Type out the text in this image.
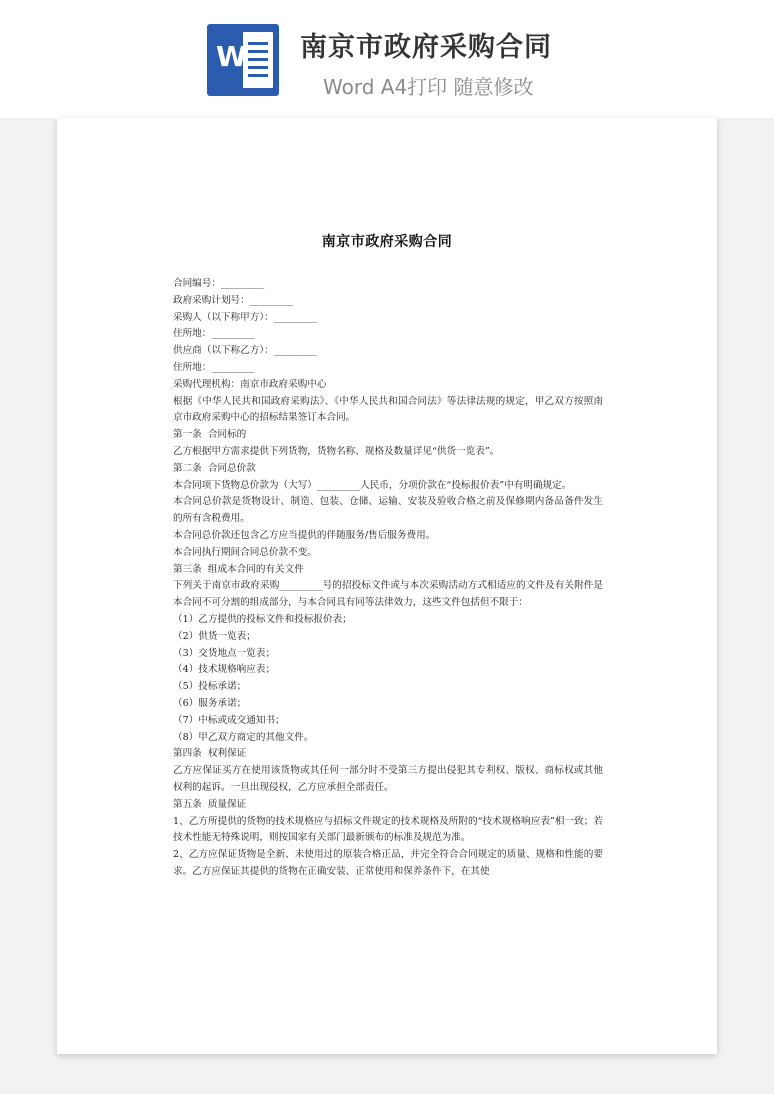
W 南京市政府采购合同
Word A4打印 随意修改
南京市政府采购合同

合同编号：_________

政府采购计划号：_________

采购人（以下称甲方）：_________

住所地：_________

供应商（以下称乙方）：_________

住所地：_________

采购代理机构：南京市政府采购中心

根据《中华人民共和国政府采购法》、《中华人民共和国合同法》等法律法规的规定，甲乙双方按照南京市政府采购中心的招标结果签订本合同。

第一条  合同标的

乙方根据甲方需求提供下列货物，货物名称、规格及数量详见“供货一览表”。

第二条  合同总价款

本合同项下货物总价款为（大写）_________人民币，分项价款在“投标报价表”中有明确规定。

本合同总价款是货物设计、制造、包装、仓储、运输、安装及验收合格之前及保修期内备品备件发生的所有含税费用。

本合同总价款还包含乙方应当提供的伴随服务/售后服务费用。

本合同执行期间合同总价款不变。

第三条  组成本合同的有关文件

下列关于南京市政府采购_________号的招投标文件或与本次采购活动方式相适应的文件及有关附件是本合同不可分割的组成部分，与本合同具有同等法律效力，这些文件包括但不限于：

（1）乙方提供的投标文件和投标报价表；

（2）供货一览表；

（3）交货地点一览表；

（4）技术规格响应表；

（5）投标承诺；

（6）服务承诺；

（7）中标或成交通知书；

（8）甲乙双方商定的其他文件。

第四条  权利保证

乙方应保证买方在使用该货物或其任何一部分时不受第三方提出侵犯其专利权、版权、商标权或其他权利的起诉。一旦出现侵权，乙方应承担全部责任。

第五条  质量保证

1、乙方所提供的货物的技术规格应与招标文件规定的技术规格及所附的“技术规格响应表”相一致；若技术性能无特殊说明，则按国家有关部门最新颁布的标准及规范为准。

2、乙方应保证货物是全新、未使用过的原装合格正品，并完全符合合同规定的质量、规格和性能的要求。乙方应保证其提供的货物在正确安装、正常使用和保养条件下，在其使
